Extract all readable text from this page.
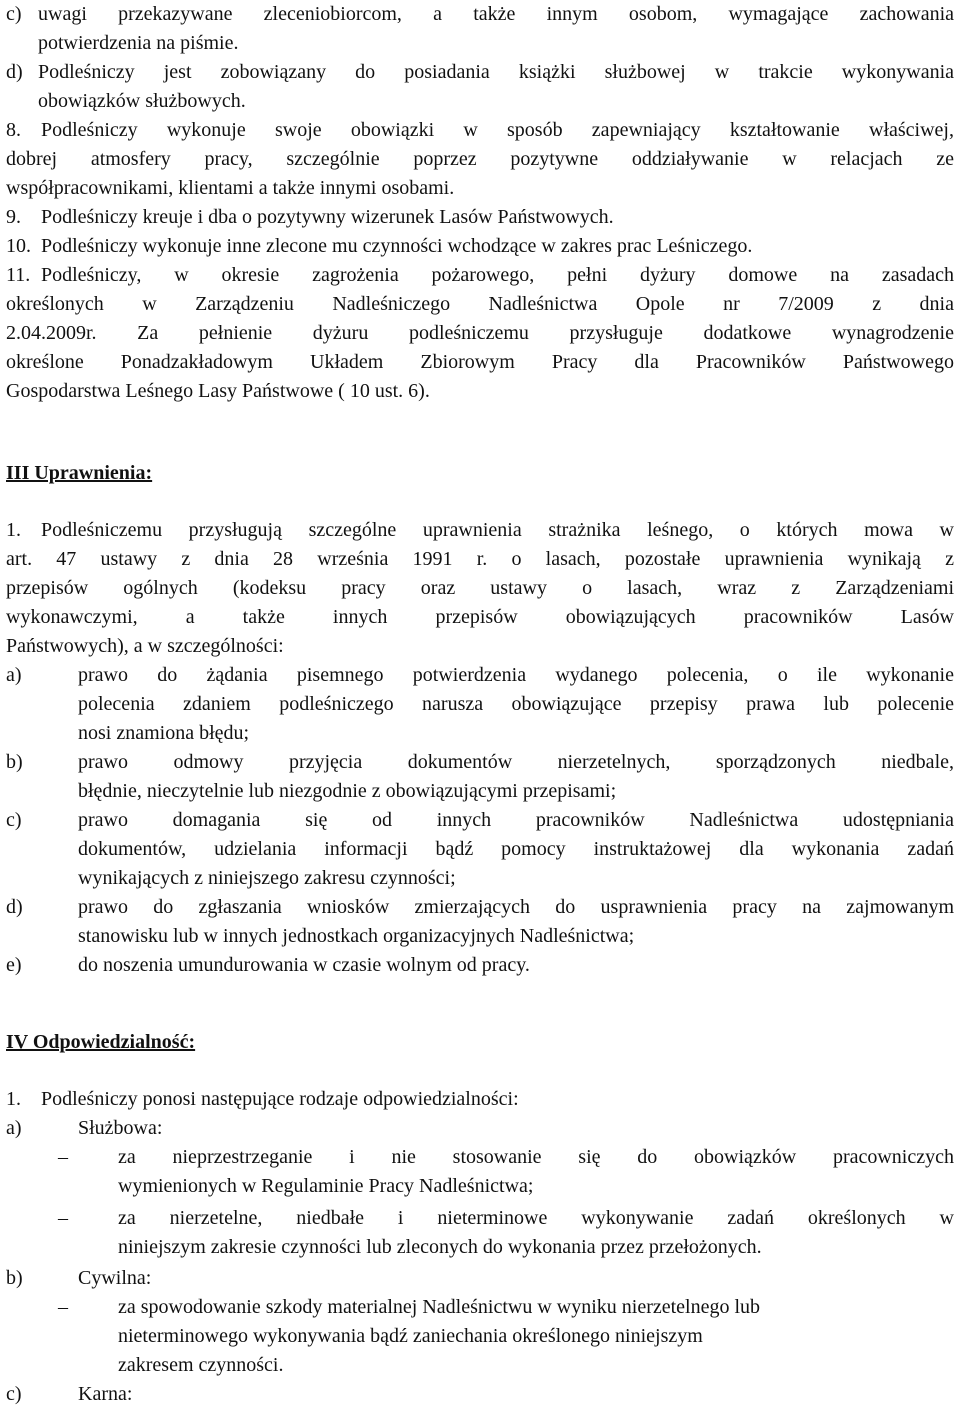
c) uwagi przekazywane zleceniobiorcom, a także innym osobom, wymagające zachowania
potwierdzenia na piśmie.
d) Podleśniczy jest zobowiązany do posiadania książki służbowej w trakcie wykonywania
obowiązków służbowych.
8. Podleśniczy wykonuje swoje obowiązki w sposób zapewniający kształtowanie właściwej,
dobrej atmosfery pracy, szczególnie poprzez pozytywne oddziaływanie w relacjach ze
współpracownikami, klientami a także innymi osobami.
9. Podleśniczy kreuje i dba o pozytywny wizerunek Lasów Państwowych.
10. Podleśniczy wykonuje inne zlecone mu czynności wchodzące w zakres prac Leśniczego.
11. Podleśniczy, w okresie zagrożenia pożarowego, pełni dyżury domowe na zasadach
określonych w Zarządzeniu Nadleśniczego Nadleśnictwa Opole nr 7/2009 z dnia
2.04.2009r. Za pełnienie dyżuru podleśniczemu przysługuje dodatkowe wynagrodzenie
określone Ponadzakładowym Układem Zbiorowym Pracy dla Pracowników Państwowego
Gospodarstwa Leśnego Lasy Państwowe ( 10 ust. 6).
1. Podleśniczemu przysługują szczególne uprawnienia strażnika leśnego, o których mowa w
art. 47 ustawy z dnia 28 września 1991 r. o lasach, pozostałe uprawnienia wynikają z
przepisów ogólnych (kodeksu pracy oraz ustawy o lasach, wraz z Zarządzeniami
wykonawczymi, a także innych przepisów obowiązujących pracowników Lasów
Państwowych), a w szczególności:
a)	prawo do żądania pisemnego potwierdzenia wydanego polecenia, o ile wykonanie
polecenia zdaniem podleśniczego narusza obowiązujące przepisy prawa lub polecenie
nosi znamiona błędu;
b)	prawo odmowy przyjęcia dokumentów nierzetelnych, sporządzonych niedbale,
błędnie, nieczytelnie lub niezgodnie z obowiązującymi przepisami;
c)	prawo domagania się od innych pracowników Nadleśnictwa udostępniania
dokumentów, udzielania informacji bądź pomocy instruktażowej dla wykonania zadań
wynikających z niniejszego zakresu czynności;
d)	prawo do zgłaszania wniosków zmierzających do usprawnienia pracy na zajmowanym
stanowisku lub w innych jednostkach organizacyjnych Nadleśnictwa;
e)	do noszenia umundurowania w czasie wolnym od pracy.
1. Podleśniczy ponosi następujące rodzaje odpowiedzialności:
a)	Służbowa:
–	za nieprzestrzeganie i nie stosowanie się do obowiązków pracowniczych
wymienionych w Regulaminie Pracy Nadleśnictwa;
–	za nierzetelne, niedbałe i nieterminowe wykonywanie zadań określonych w
niniejszym zakresie czynności lub zleconych do wykonania przez przełożonych.
b)	Cywilna:
–	za spowodowanie szkody materialnej Nadleśnictwu w wyniku nierzetelnego lub
nieterminowego wykonywania bądź zaniechania określonego niniejszym
zakresem czynności.
c)	Karna:
III Uprawnienia:
IV Odpowiedzialność:
